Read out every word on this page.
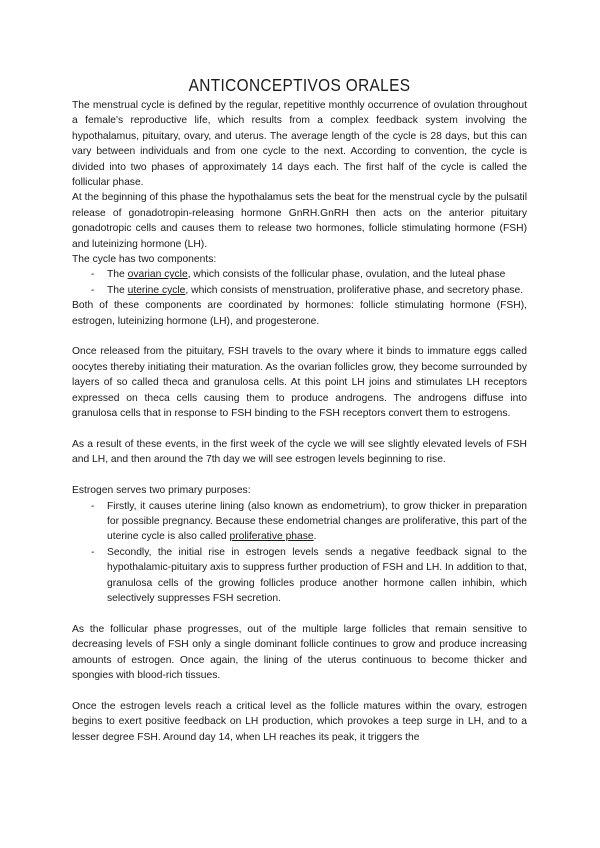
ANTICONCEPTIVOS ORALES

The menstrual cycle is defined by the regular, repetitive monthly occurrence of ovulation throughout a female's reproductive life, which results from a complex feedback system involving the hypothalamus, pituitary, ovary, and uterus. The average length of the cycle is 28 days, but this can vary between individuals and from one cycle to the next. According to convention, the cycle is divided into two phases of approximately 14 days each. The first half of the cycle is called the follicular phase.

At the beginning of this phase the hypothalamus sets the beat for the menstrual cycle by the pulsatil release of gonadotropin-releasing hormone GnRH.GnRH then acts on the anterior pituitary gonadotropic cells and causes them to release two hormones, follicle stimulating hormone (FSH) and luteinizing hormone (LH).

The cycle has two components:

- The ovarian cycle, which consists of the follicular phase, ovulation, and the luteal phase
- The uterine cycle, which consists of menstruation, proliferative phase, and secretory phase.

Both of these components are coordinated by hormones: follicle stimulating hormone (FSH), estrogen, luteinizing hormone (LH), and progesterone.

Once released from the pituitary, FSH travels to the ovary where it binds to immature eggs called oocytes thereby initiating their maturation. As the ovarian follicles grow, they become surrounded by layers of so called theca and granulosa cells. At this point LH joins and stimulates LH receptors expressed on theca cells causing them to produce androgens. The androgens diffuse into granulosa cells that in response to FSH binding to the FSH receptors convert them to estrogens.

As a result of these events, in the first week of the cycle we will see slightly elevated levels of FSH and LH, and then around the 7th day we will see estrogen levels beginning to rise.

Estrogen serves two primary purposes:

- Firstly, it causes uterine lining (also known as endometrium), to grow thicker in preparation for possible pregnancy. Because these endometrial changes are proliferative, this part of the uterine cycle is also called proliferative phase.
- Secondly, the initial rise in estrogen levels sends a negative feedback signal to the hypothalamic-pituitary axis to suppress further production of FSH and LH. In addition to that, granulosa cells of the growing follicles produce another hormone callen inhibin, which selectively suppresses FSH secretion.

As the follicular phase progresses, out of the multiple large follicles that remain sensitive to decreasing levels of FSH only a single dominant follicle continues to grow and produce increasing amounts of estrogen. Once again, the lining of the uterus continuous to become thicker and spongies with blood-rich tissues.

Once the estrogen levels reach a critical level as the follicle matures within the ovary, estrogen begins to exert positive feedback on LH production, which provokes a teep surge in LH, and to a lesser degree FSH. Around day 14, when LH reaches its peak, it triggers the
